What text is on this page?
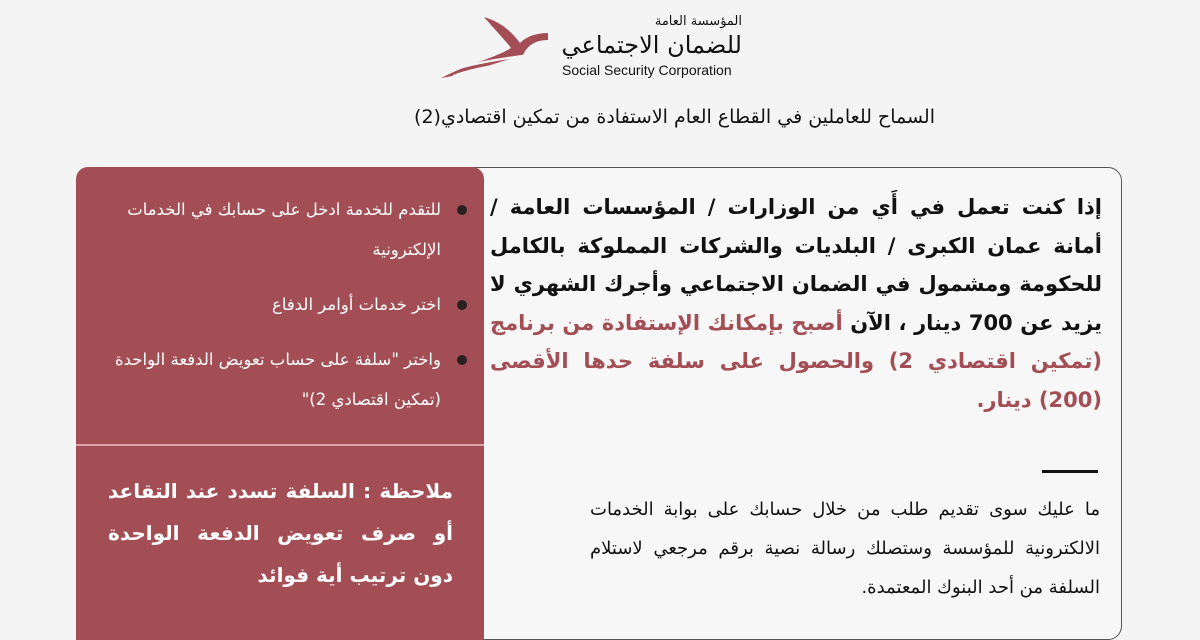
المؤسسة العامة
للضمان الاجتماعي
Social Security Corporation
السماح للعاملين في القطاع العام الاستفادة من تمكين اقتصادي(2)
إذا كنت تعمل في أَي من الوزارات / المؤسسات العامة / أمانة عمان الكبرى / البلديات والشركات المملوكة بالكامل للحكومة ومشمول في الضمان الاجتماعي وأجرك الشهري لا يزيد عن 700 دينار ، الآن أصبح بإمكانك الإستفادة من برنامج (تمكين اقتصادي 2) والحصول على سلفة حدها الأقصى (200) دينار.
ما عليك سوى تقديم طلب من خلال حسابك على بوابة الخدمات الالكترونية للمؤسسة وستصلك رسالة نصية برقم مرجعي لاستلام السلفة من أحد البنوك المعتمدة.
للتقدم للخدمة ادخل على حسابك في الخدمات الإلكترونية
اختر خدمات أوامر الدفاع
واختر "سلفة على حساب تعويض الدفعة الواحدة (تمكين اقتصادي 2)"
ملاحظة : السلفة تسدد عند التقاعد أو صرف تعويض الدفعة الواحدة دون ترتيب أية فوائد
